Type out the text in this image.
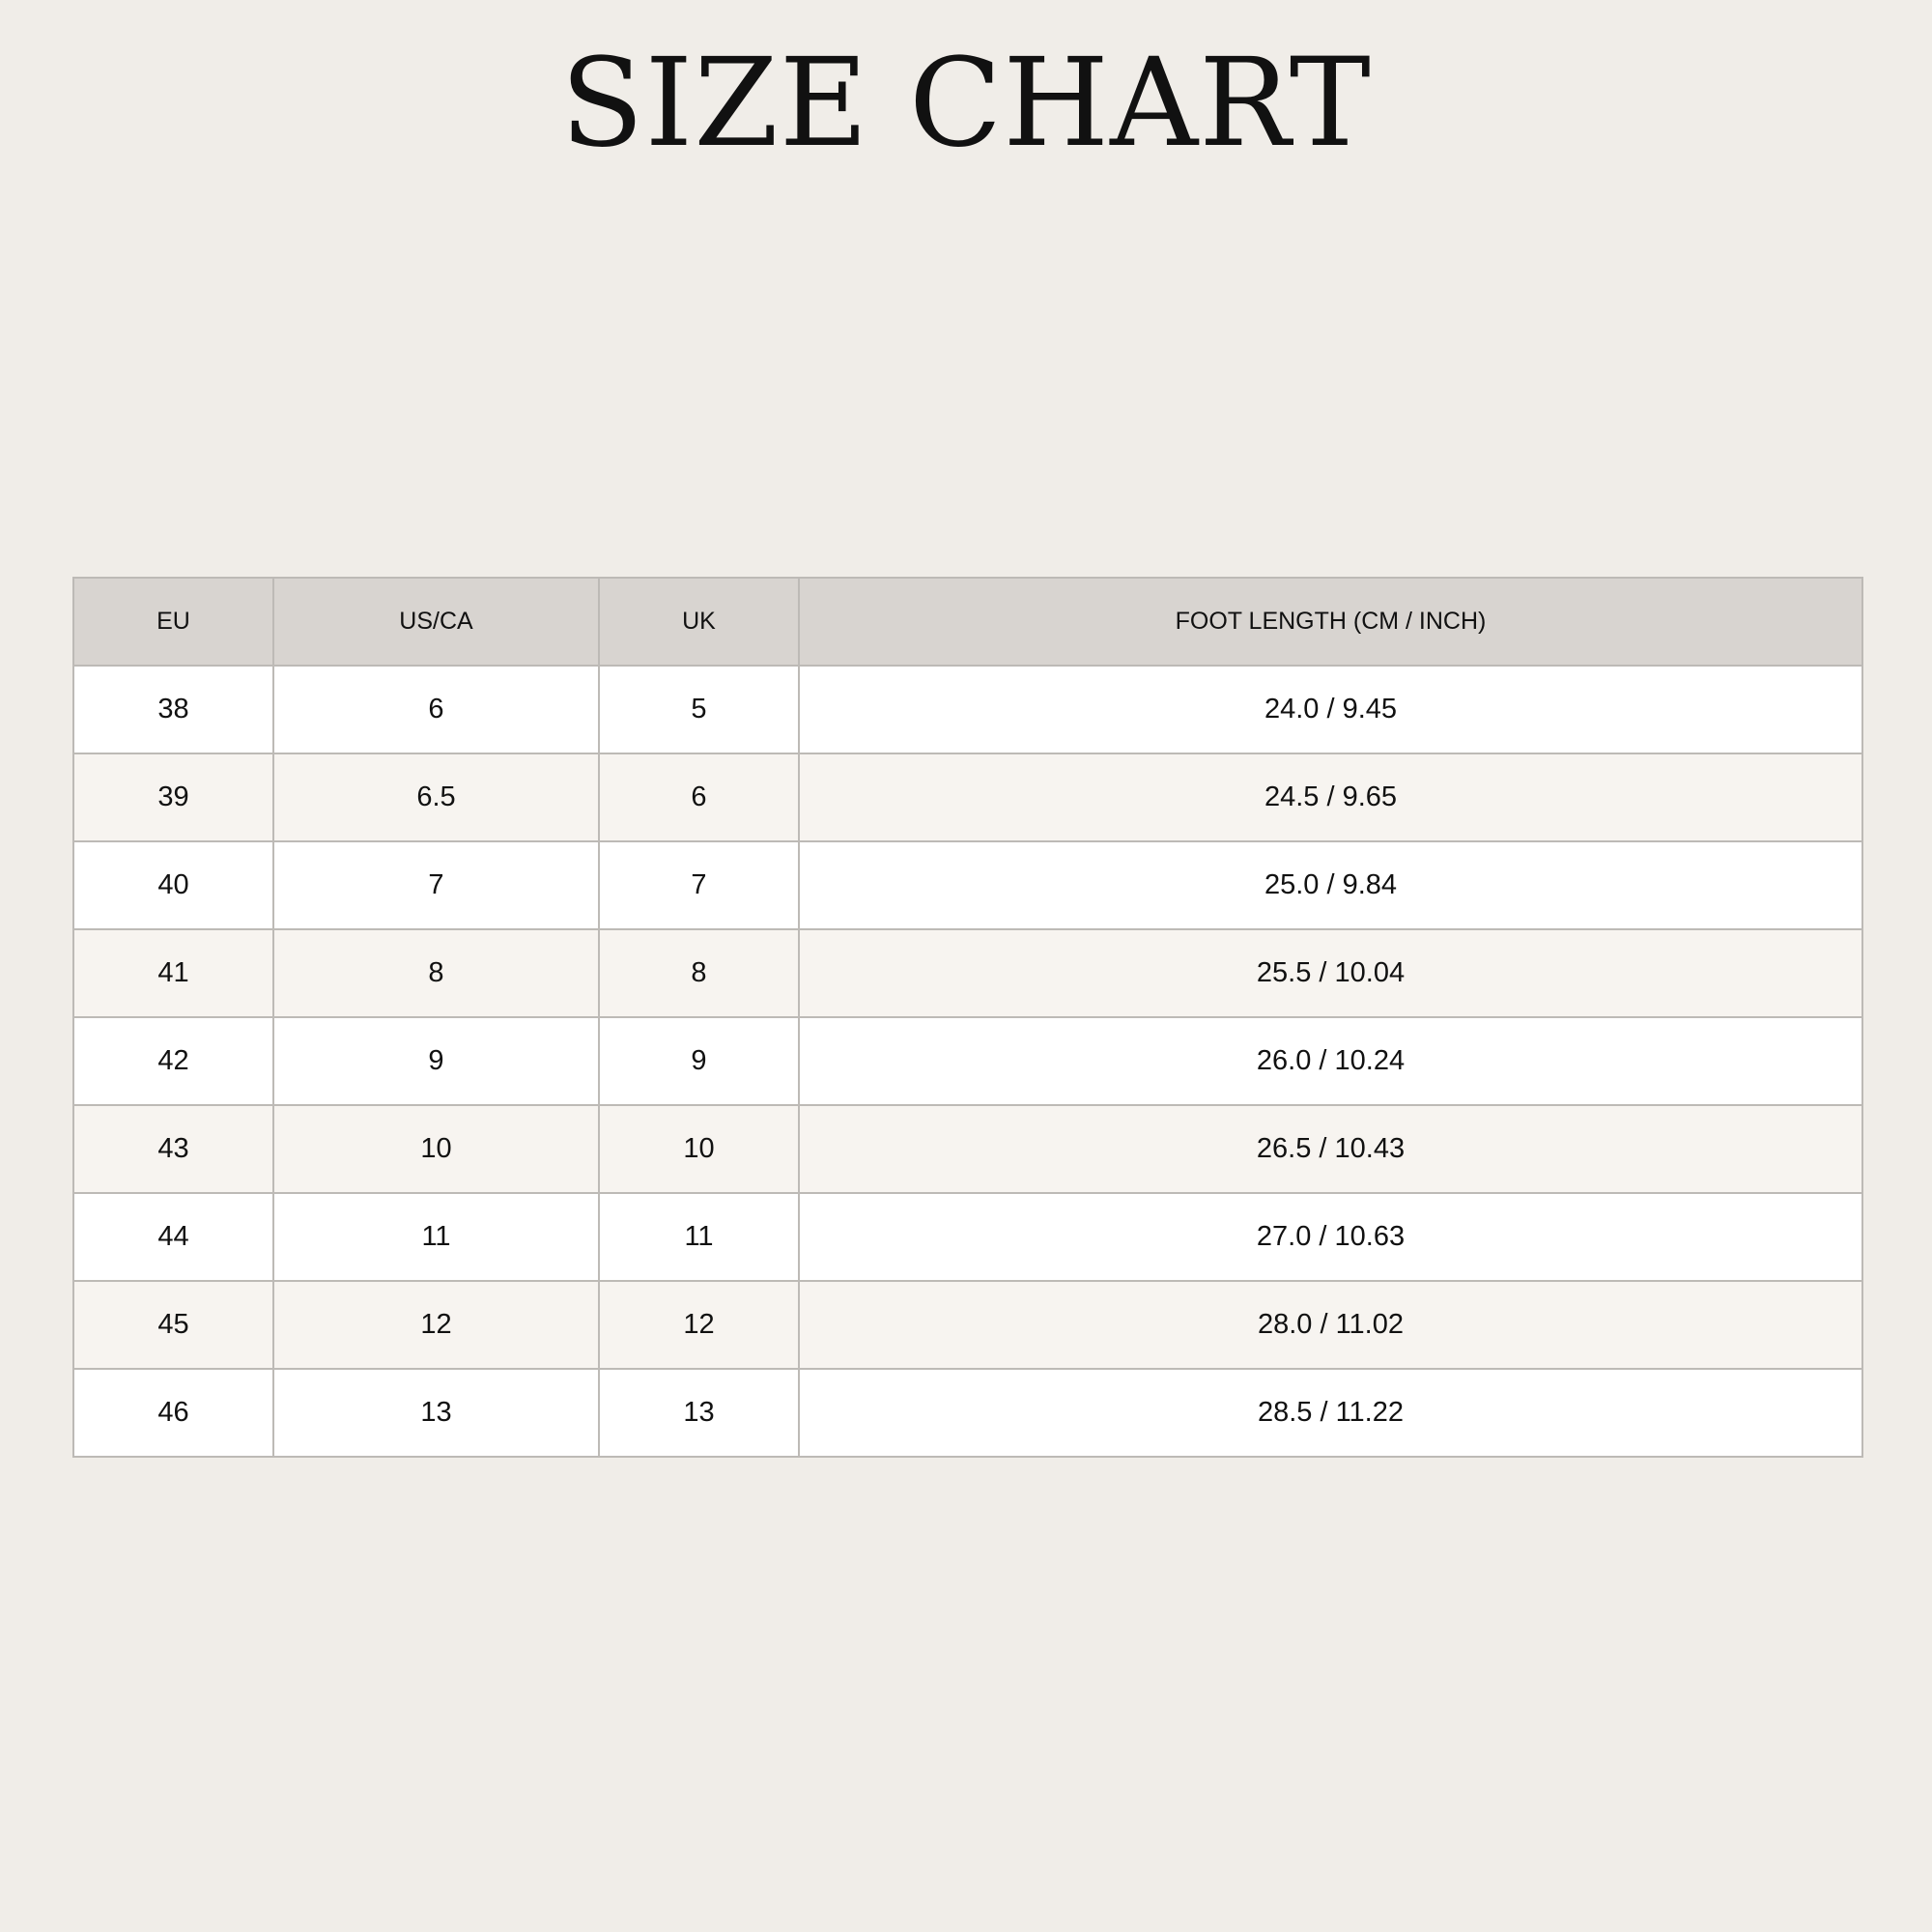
SIZE CHART
EU	US/CA	UK	FOOT LENGTH (CM / INCH)
38	6	5	24.0 / 9.45
39	6.5	6	24.5 / 9.65
40	7	7	25.0 / 9.84
41	8	8	25.5 / 10.04
42	9	9	26.0 / 10.24
43	10	10	26.5 / 10.43
44	11	11	27.0 / 10.63
45	12	12	28.0 / 11.02
46	13	13	28.5 / 11.22
